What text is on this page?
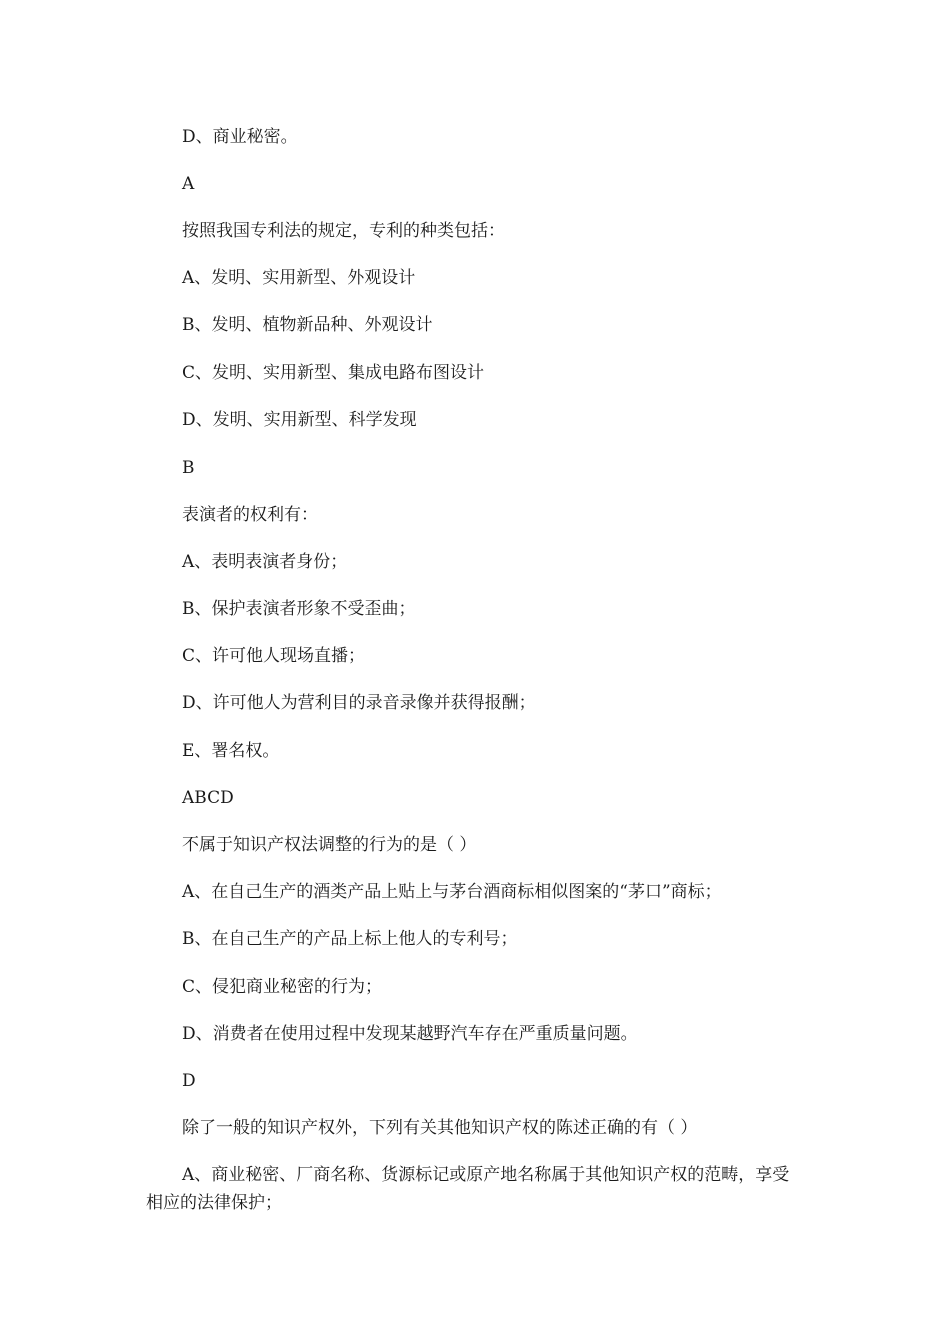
D、商业秘密。
A
按照我国专利法的规定，专利的种类包括：
A、发明、实用新型、外观设计
B、发明、植物新品种、外观设计
C、发明、实用新型、集成电路布图设计
D、发明、实用新型、科学发现
B
表演者的权利有：
A、表明表演者身份；
B、保护表演者形象不受歪曲；
C、许可他人现场直播；
D、许可他人为营利目的录音录像并获得报酬；
E、署名权。
ABCD
不属于知识产权法调整的行为的是（ ）
A、在自己生产的酒类产品上贴上与茅台酒商标相似图案的“茅口”商标；
B、在自己生产的产品上标上他人的专利号；
C、侵犯商业秘密的行为；
D、消费者在使用过程中发现某越野汽车存在严重质量问题。
D
除了一般的知识产权外，下列有关其他知识产权的陈述正确的有（ ）
A、商业秘密、厂商名称、货源标记或原产地名称属于其他知识产权的范畴，享受相应的法律保护；
